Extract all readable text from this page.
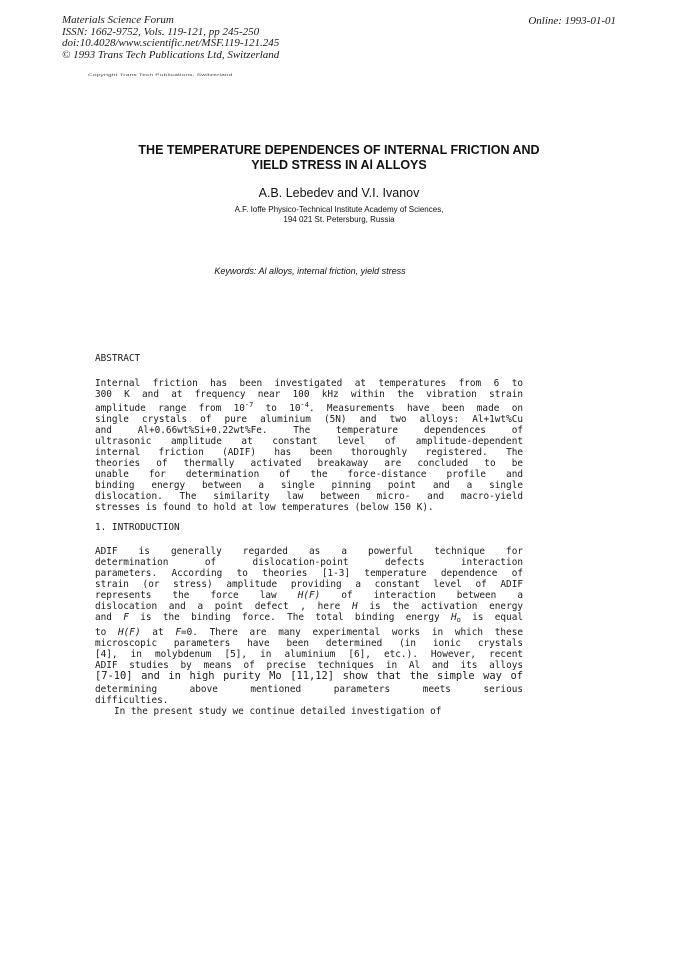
Materials Science Forum
ISSN: 1662-9752, Vols. 119-121, pp 245-250
doi:10.4028/www.scientific.net/MSF.119-121.245
© 1993 Trans Tech Publications Ltd, Switzerland
Online: 1993-01-01
Copyright Trans Tech Publications, Switzerland
THE TEMPERATURE DEPENDENCES OF INTERNAL FRICTION AND
YIELD STRESS IN Al ALLOYS
A.B. Lebedev and V.I. Ivanov
A.F. Ioffe Physico-Technical Institute Academy of Sciences,
194 021 St. Petersburg, Russia
Keywords: Al alloys, internal friction, yield stress
ABSTRACT
Internal friction has been investigated at temperatures from 6 to
300 K and at frequency near 100 kHz within the vibration strain
amplitude range from $10^{-7}$ to $10^{-4}$. Measurements have been made on
single crystals of pure aluminium (5N) and two alloys: Al+1wt%Cu
and Al+0.66wt%Si+0.22wt%Fe. The temperature dependences of
ultrasonic amplitude at constant level of amplitude-dependent
internal friction (ADIF) has been thoroughly registered. The
theories of thermally activated breakaway are concluded to be
unable for determination of the force-distance profile and
binding energy between a single pinning point and a single
dislocation. The similarity law between micro- and macro-yield
stresses is found to hold at low temperatures (below 150 K).
1. INTRODUCTION
ADIF is generally regarded as a powerful technique for
determination of dislocation-point defects interaction
parameters. According to theories [1-3] temperature dependence of
strain (or stress) amplitude providing a constant level of ADIF
represents the force law H(F) of interaction between a
dislocation and a point defect , here H is the activation energy
and F is the binding force. The total binding energy $H_o$ is equal
to H(F) at F=0. There are many experimental works in which these
microscopic parameters have been determined (in ionic crystals
[4], in molybdenum [5], in aluminium [6], etc.). However, recent
ADIF studies by means of precise techniques in Al and its alloys
[7-10] and in high purity Mo [11,12] show that the simple way of
determining above mentioned parameters meets serious
difficulties.
In the present study we continue detailed investigation of
